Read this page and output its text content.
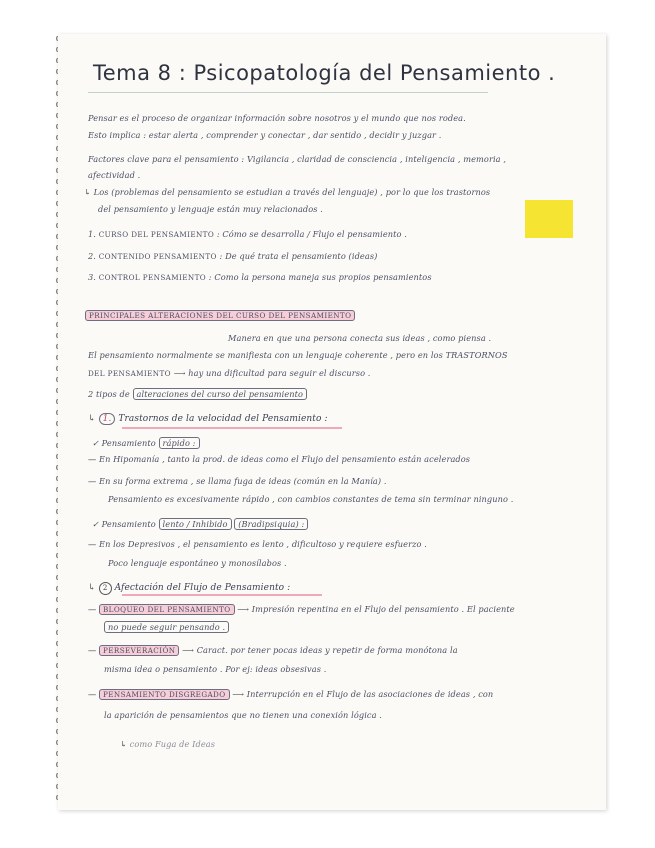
Tema 8 : Psicopatología del Pensamiento .
Pensar es el proceso de organizar información sobre nosotros y el mundo que nos rodea.
Esto implica : estar alerta , comprender y conectar , dar sentido , decidir y juzgar .
Factores clave para el pensamiento : Vigilancia , claridad de consciencia , inteligencia , memoria ,
afectividad .
↳ Los (problemas del pensamiento se estudian a través del lenguaje) , por lo que los trastornos
del pensamiento y lenguaje están muy relacionados .
1. CURSO DEL PENSAMIENTO : Cómo se desarrolla / Flujo el pensamiento .
2. CONTENIDO PENSAMIENTO : De qué trata el pensamiento (ideas)
3. CONTROL PENSAMIENTO : Como la persona maneja sus propios pensamientos
PRINCIPALES ALTERACIONES DEL CURSO DEL PENSAMIENTO
Manera en que una persona conecta sus ideas , como piensa .
El pensamiento normalmente se manifiesta con un lenguaje coherente , pero en los TRASTORNOS
DEL PENSAMIENTO ⟶ hay una dificultad para seguir el discurso .
2 tipos de alteraciones del curso del pensamiento
↳ 1. Trastornos de la velocidad del Pensamiento :
✓ Pensamiento rápido :
— En Hipomanía , tanto la prod. de ideas como el Flujo del pensamiento están acelerados
— En su forma extrema , se llama fuga de ideas (común en la Manía) .
Pensamiento es excesivamente rápido , con cambios constantes de tema sin terminar ninguno .
✓ Pensamiento lento / Inhibido (Bradipsiquia) :
— En los Depresivos , el pensamiento es lento , dificultoso y requiere esfuerzo .
Poco lenguaje espontáneo y monosílabos .
↳ 2 Afectación del Flujo de Pensamiento :
— BLOQUEO DEL PENSAMIENTO ⟶ Impresión repentina en el Flujo del pensamiento . El paciente
no puede seguir pensando .
— PERSEVERACIÓN ⟶ Caract. por tener pocas ideas y repetir de forma monótona la
misma idea o pensamiento . Por ej: ideas obsesivas .
— PENSAMIENTO DISGREGADO ⟶ Interrupción en el Flujo de las asociaciones de ideas , con
la aparición de pensamientos que no tienen una conexión lógica .
↳ como Fuga de Ideas
